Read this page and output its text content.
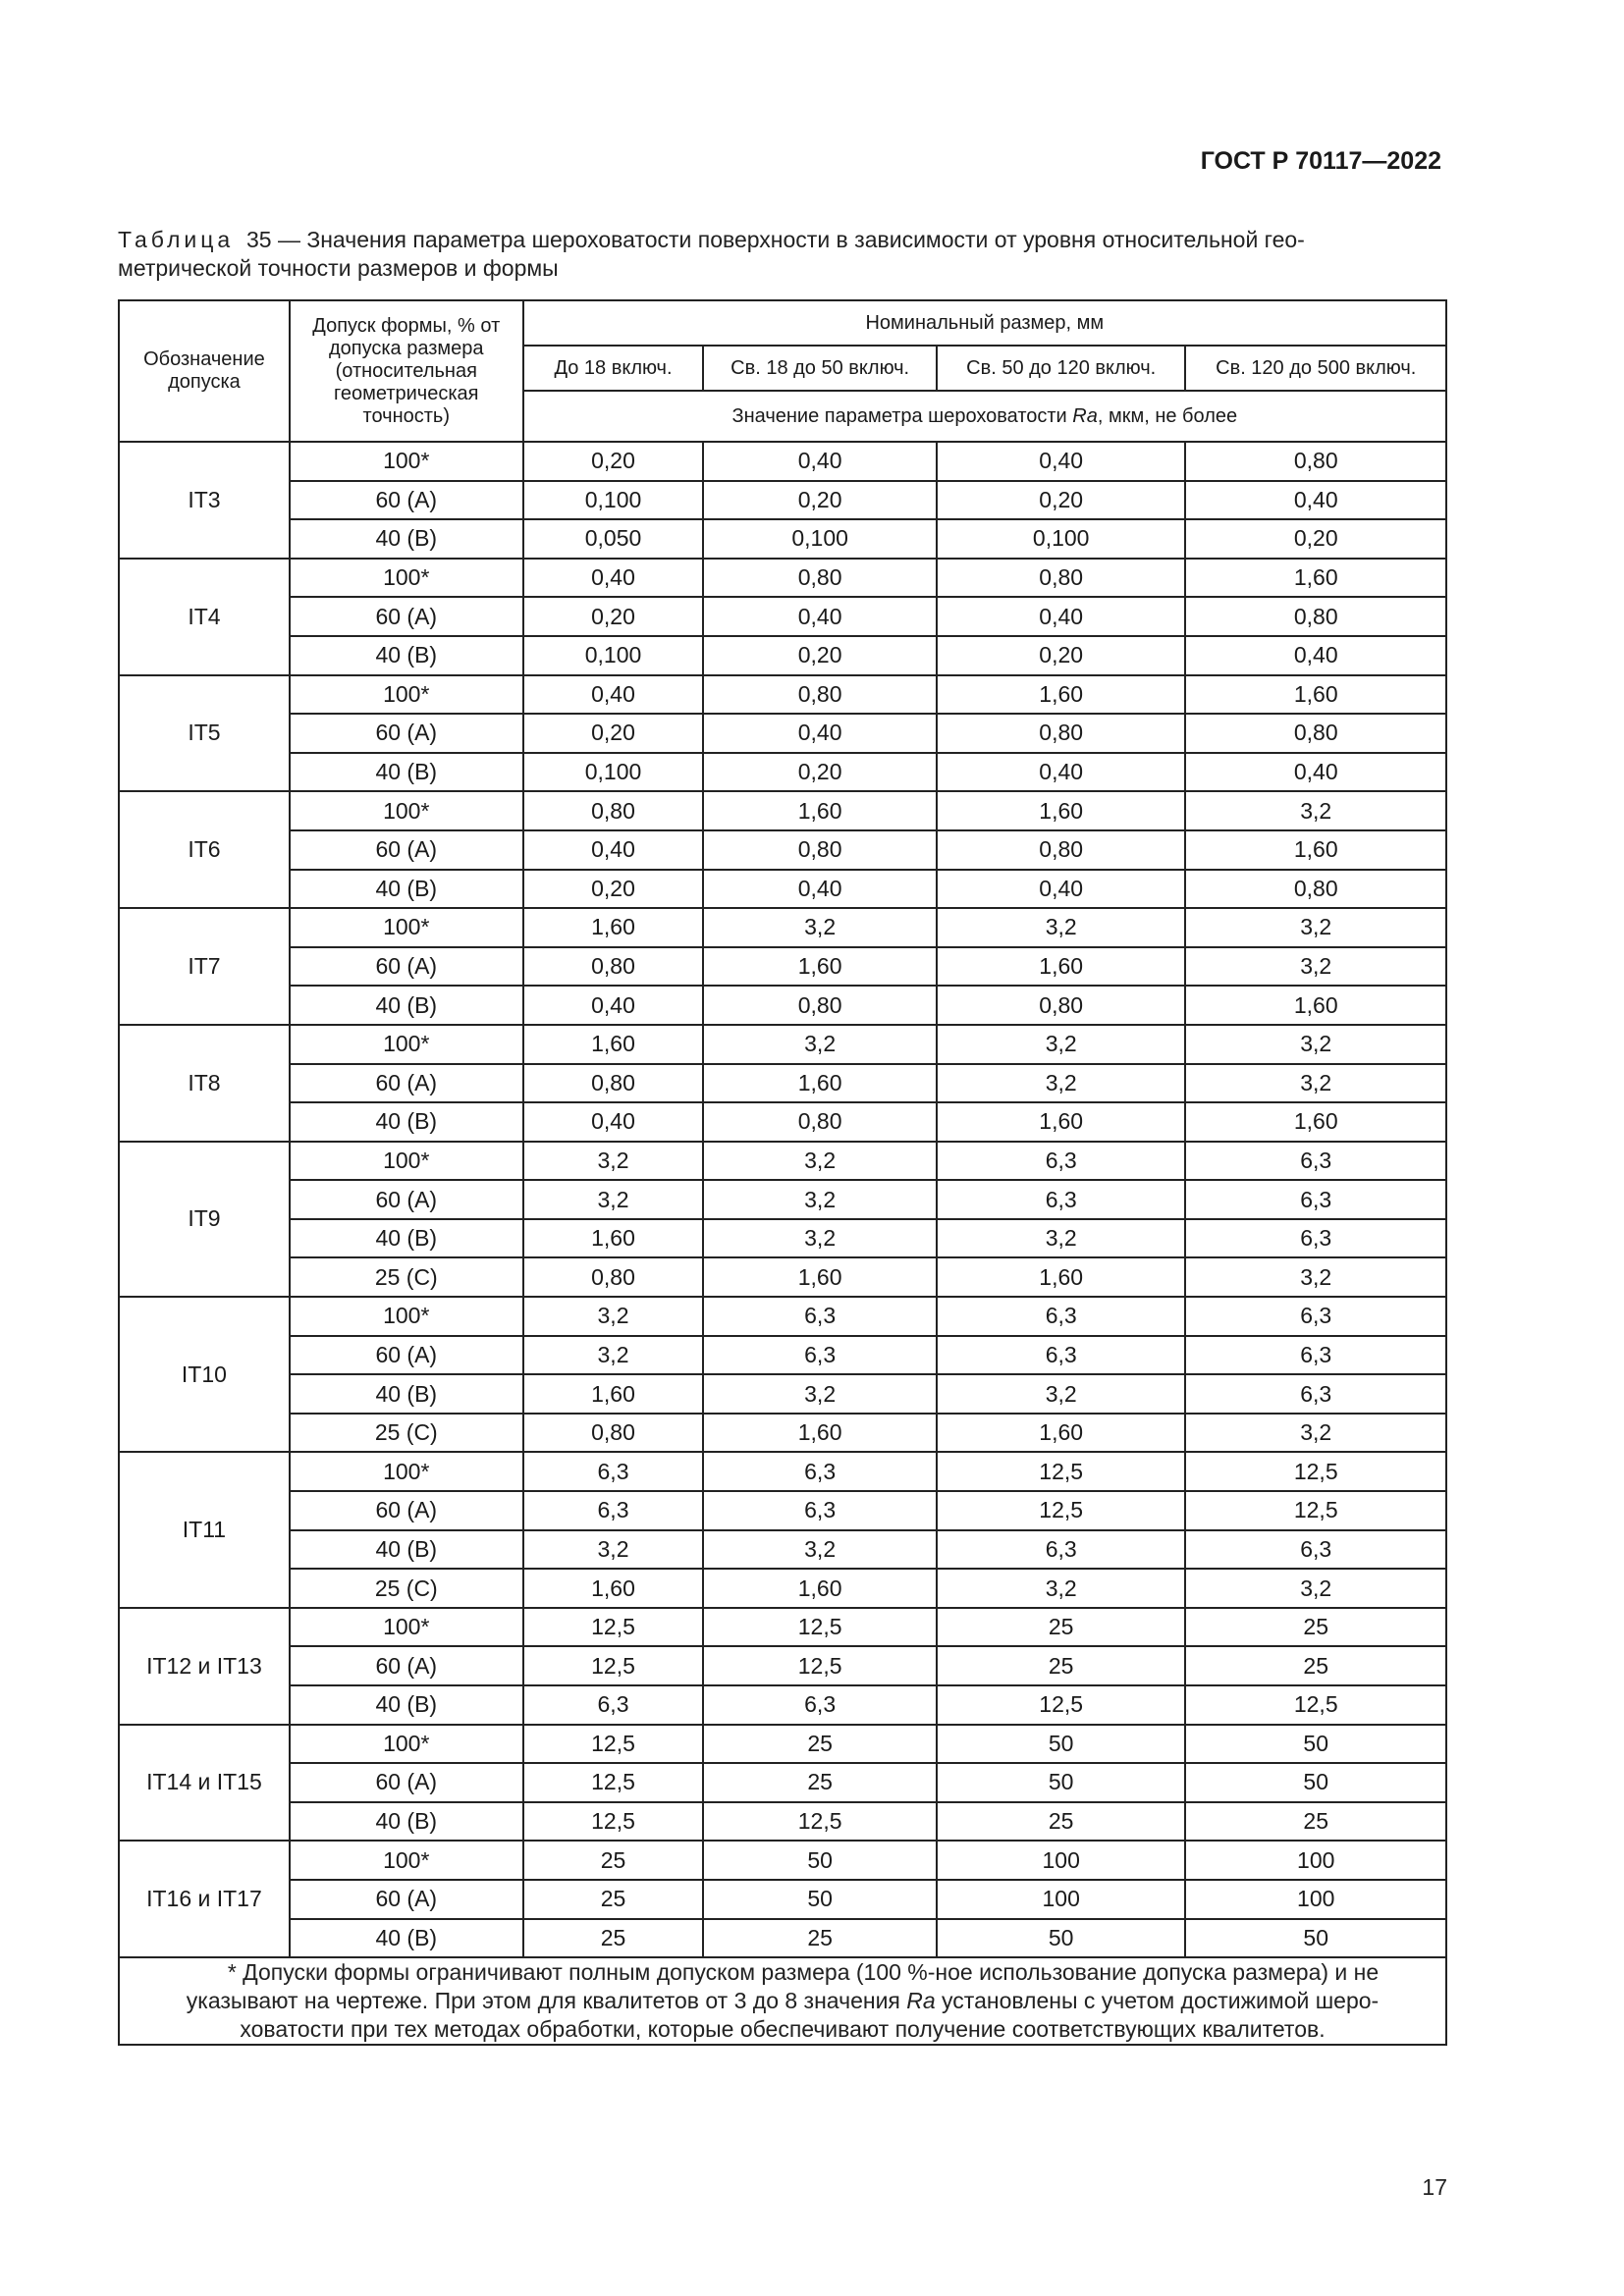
ГОСТ Р 70117—2022
Таблица 35 — Значения параметра шероховатости поверхности в зависимости от уровня относительной гео-
метрической точности размеров и формы
Обозначение допуска	Допуск формы, % от допуска размера (относительная геометрическая точность)	Номинальный размер, мм			
		До 18 включ.	Св. 18 до 50 включ.	Св. 50 до 120 включ.	Св. 120 до 500 включ.
		Значение параметра шероховатости Ra, мкм, не более			
IT3	100*	0,20	0,40	0,40	0,80
	60 (A)	0,100	0,20	0,20	0,40
	40 (B)	0,050	0,100	0,100	0,20
IT4	100*	0,40	0,80	0,80	1,60
	60 (A)	0,20	0,40	0,40	0,80
	40 (B)	0,100	0,20	0,20	0,40
IT5	100*	0,40	0,80	1,60	1,60
	60 (A)	0,20	0,40	0,80	0,80
	40 (B)	0,100	0,20	0,40	0,40
IT6	100*	0,80	1,60	1,60	3,2
	60 (A)	0,40	0,80	0,80	1,60
	40 (B)	0,20	0,40	0,40	0,80
IT7	100*	1,60	3,2	3,2	3,2
	60 (A)	0,80	1,60	1,60	3,2
	40 (B)	0,40	0,80	0,80	1,60
IT8	100*	1,60	3,2	3,2	3,2
	60 (A)	0,80	1,60	3,2	3,2
	40 (B)	0,40	0,80	1,60	1,60
IT9	100*	3,2	3,2	6,3	6,3
	60 (A)	3,2	3,2	6,3	6,3
	40 (B)	1,60	3,2	3,2	6,3
	25 (C)	0,80	1,60	1,60	3,2
IT10	100*	3,2	6,3	6,3	6,3
	60 (A)	3,2	6,3	6,3	6,3
	40 (B)	1,60	3,2	3,2	6,3
	25 (C)	0,80	1,60	1,60	3,2
IT11	100*	6,3	6,3	12,5	12,5
	60 (A)	6,3	6,3	12,5	12,5
	40 (B)	3,2	3,2	6,3	6,3
	25 (C)	1,60	1,60	3,2	3,2
IT12 и IT13	100*	12,5	12,5	25	25
	60 (A)	12,5	12,5	25	25
	40 (B)	6,3	6,3	12,5	12,5
IT14 и IT15	100*	12,5	25	50	50
	60 (A)	12,5	25	50	50
	40 (B)	12,5	12,5	25	25
IT16 и IT17	100*	25	50	100	100
	60 (A)	25	50	100	100
	40 (B)	25	25	50	50

* Допуски формы ограничивают полным допуском размера (100 %-ное использование допуска размера) и не
указывают на чертеже. При этом для квалитетов от 3 до 8 значения Ra установлены с учетом достижимой шеро-
ховатости при тех методах обработки, которые обеспечивают получение соответствующих квалитетов.					
17
